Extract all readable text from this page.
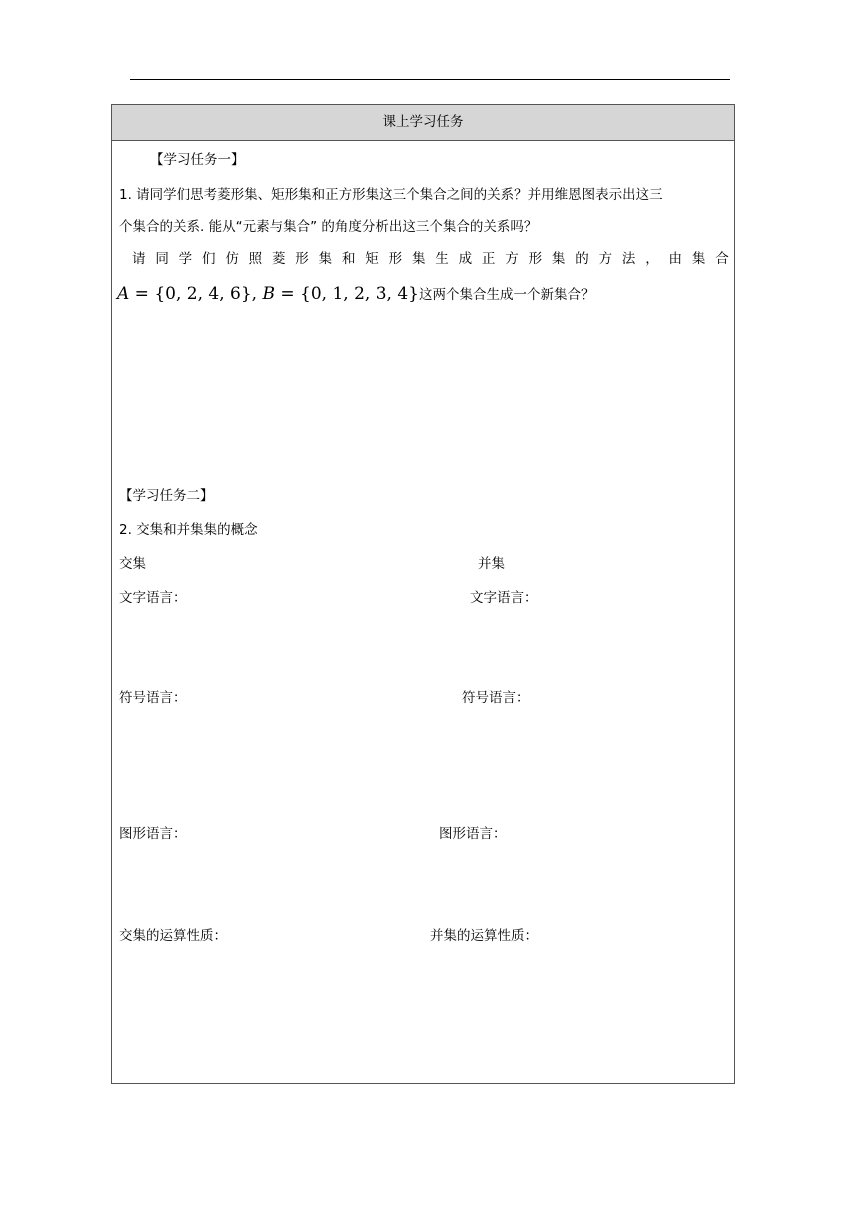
课上学习任务
【学习任务一】
1. 请同学们思考菱形集、矩形集和正方形集这三个集合之间的关系？并用维恩图表示出这三
个集合的关系. 能从“元素与集合” 的角度分析出这三个集合的关系吗？
请 同 学 们 仿 照 菱 形 集 和 矩 形 集 生 成 正 方 形 集 的 方 法 ， 由 集 合
A = {0, 2, 4, 6}, B = {0, 1, 2, 3, 4}这两个集合生成一个新集合？
【学习任务二】
2. 交集和并集集的概念
交集	并集
文字语言：	文字语言：
符号语言：	符号语言：
图形语言：	图形语言：
交集的运算性质：	并集的运算性质：
